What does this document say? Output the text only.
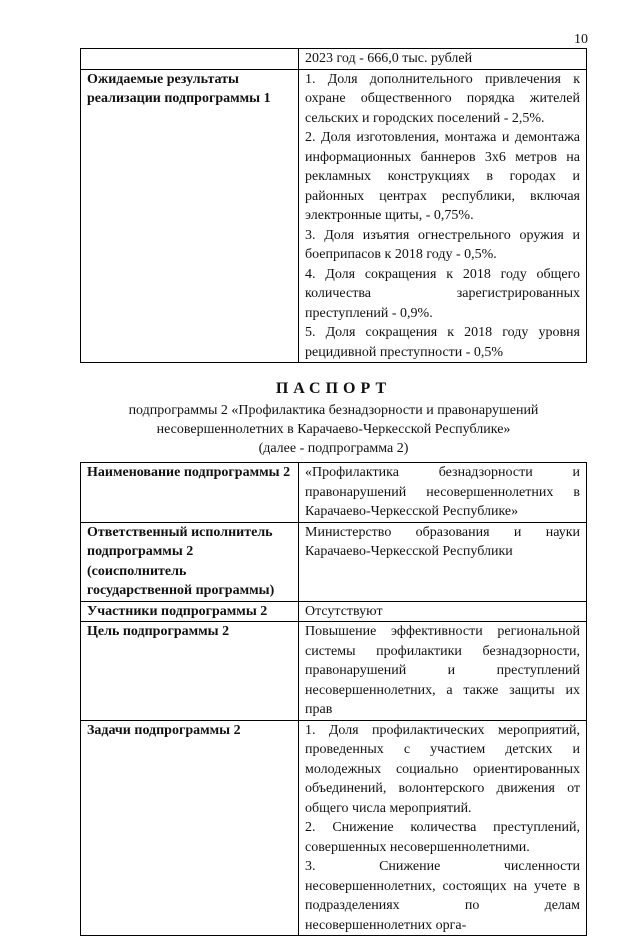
10

	2023 год - 666,0 тыс. рублей

Ожидаемые результаты реализации подпрограммы 1	1. Доля дополнительного привлечения к охране общественного порядка жителей сельских и городских поселений - 2,5%.
2. Доля изготовления, монтажа и демонтажа информационных баннеров 3х6 метров на рекламных конструкциях в городах и районных центрах республики, включая электронные щиты, - 0,75%.
3. Доля изъятия огнестрельного оружия и боеприпасов к 2018 году - 0,5%.
4. Доля сокращения к 2018 году общего количества зарегистрированных преступлений - 0,9%.
5. Доля сокращения к 2018 году уровня рецидивной преступности - 0,5%
ПАСПОРТ
подпрограммы 2 «Профилактика безнадзорности и правонарушений
несовершеннолетних в Карачаево-Черкесской Республике»
(далее - подпрограмма 2)
Наименование подпрограммы 2	«Профилактика безнадзорности и правонарушений несовершеннолетних в Карачаево-Черкесской Республике»

Ответственный исполнитель подпрограммы 2 (соисполнитель государственной программы)	Министерство образования и науки Карачаево-Черкесской Республики

Участники подпрограммы 2	Отсутствуют

Цель подпрограммы 2	Повышение эффективности региональной системы профилактики безнадзорности, правонарушений и преступлений несовершеннолетних, а также защиты их прав

Задачи подпрограммы 2	1. Доля профилактических мероприятий, проведенных с участием детских и молодежных социально ориентированных объединений, волонтерского движения от общего числа мероприятий.
2. Снижение количества преступлений, совершенных несовершеннолетними.
3. Снижение численности несовершеннолетних, состоящих на учете в подразделениях по делам несовершеннолетних орга-
